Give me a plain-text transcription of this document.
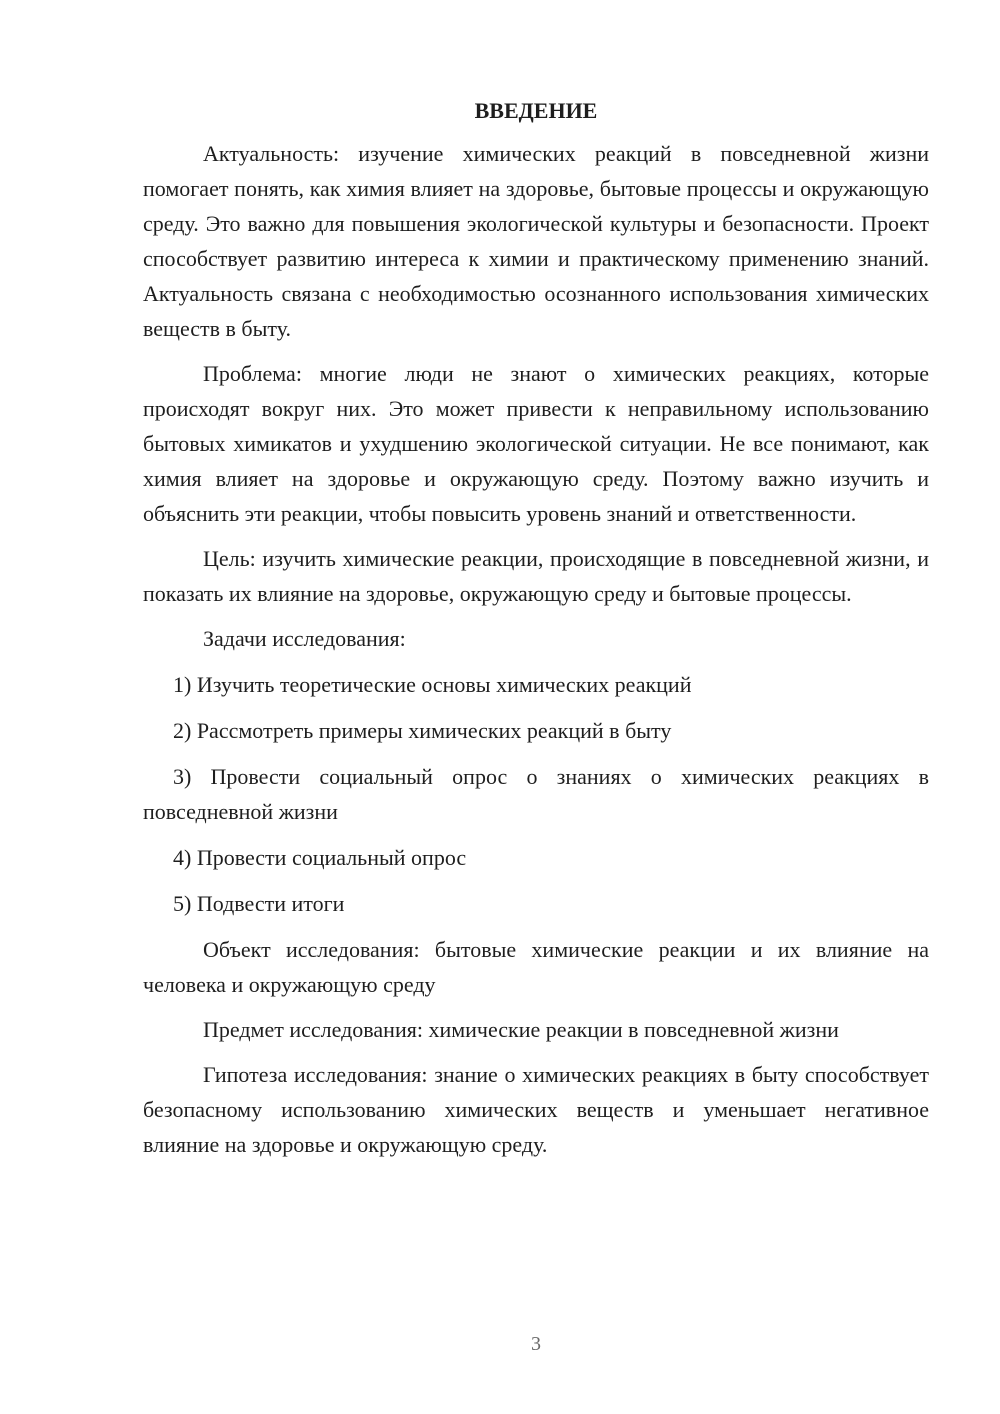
ВВЕДЕНИЕ

Актуальность: изучение химических реакций в повседневной жизни помогает понять, как химия влияет на здоровье, бытовые процессы и окружающую среду. Это важно для повышения экологической культуры и безопасности. Проект способствует развитию интереса к химии и практическому применению знаний. Актуальность связана с необходимостью осознанного использования химических веществ в быту.

Проблема: многие люди не знают о химических реакциях, которые происходят вокруг них. Это может привести к неправильному использованию бытовых химикатов и ухудшению экологической ситуации. Не все понимают, как химия влияет на здоровье и окружающую среду. Поэтому важно изучить и объяснить эти реакции, чтобы повысить уровень знаний и ответственности.

Цель: изучить химические реакции, происходящие в повседневной жизни, и показать их влияние на здоровье, окружающую среду и бытовые процессы.

Задачи исследования:

1) Изучить теоретические основы химических реакций

2) Рассмотреть примеры химических реакций в быту

3) Провести социальный опрос о знаниях о химических реакциях в повседневной жизни

4) Провести социальный опрос

5) Подвести итоги

Объект исследования: бытовые химические реакции и их влияние на человека и окружающую среду

Предмет исследования: химические реакции в повседневной жизни

Гипотеза исследования: знание о химических реакциях в быту способствует безопасному использованию химических веществ и уменьшает негативное влияние на здоровье и окружающую среду.

3
